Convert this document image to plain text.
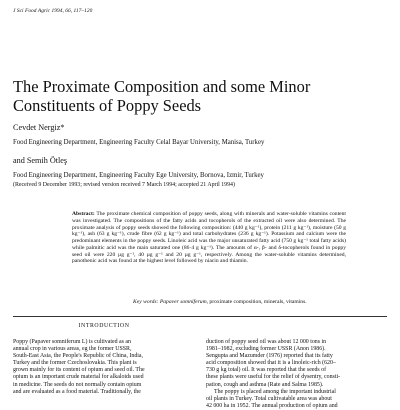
J Sci Food Agric 1994, 66, 117–120
The Proximate Composition and some Minor Constituents of Poppy Seeds
Cevdet Nergiz*
Food Engineering Department, Engineering Faculty Celal Bayar University, Manisa, Turkey
and Semih Ötleş
Food Engineering Department, Engineering Faculty Ege University, Bornova, Izmir, Turkey
(Received 9 December 1993; revised version received 7 March 1994; accepted 21 April 1994)
Abstract: The proximate chemical composition of poppy seeds, along with minerals and water-soluble vitamins content was investigated. The compositions of the fatty acids and tocopherols of the extracted oil were also determined. The proximate analysis of poppy seeds showed the following composition: (440 g kg⁻¹), protein (211 g kg⁻¹), moisture (50 g kg⁻¹), ash (63 g kg⁻¹), crude fibre (62 g kg⁻¹) and total carbohydrates (236 g kg⁻¹). Potassium and calcium were the predominant elements in the poppy seeds. Linoleic acid was the major unsaturated fatty acid (750 g kg⁻¹ total fatty acids) while palmitic acid was the main saturated one (86·4 g kg⁻¹). The amounts of α-, β- and δ-tocopherols found in poppy seed oil were 220 µg g⁻¹, 40 µg g⁻¹ and 20 µg g⁻¹, respectively. Among the water-soluble vitamins determined, panothenic acid was found at the highest level followed by niacin and thiamin.
Key words: Papaver somniferum, proximate composition, minerals, vitamins.
INTRODUCTION
Poppy (Papaver somniferum L) is cultivated as an
annual crop in various areas, eg the former USSR,
South-East Asia, the People's Republic of China, India,
Turkey and the former Czechoslovakia. This plant is
grown mainly for its content of opium and seed oil. The
opium is an important crude material for alkaloids used
in medicine. The seeds do not normally contain opium
and are evaluated as a food material. Traditionally, the
duction of poppy seed oil was about 12 000 tons in
1981–1982, excluding former USSR (Anon 1986).
Sengupta and Mazumder (1976) reported that its fatty
acid composition showed that it is a linoleic-rich (620–
730 g kg total) oil. It was reported that the seeds of
these plants were useful for the relief of dysentry, consti-
pation, cough and asthma (Rate and Salma 1985).
The poppy is placed among the important industrial
oil plants in Turkey. Total cultivatable area was about
42 000 ha in 1952. The annual production of opium and
